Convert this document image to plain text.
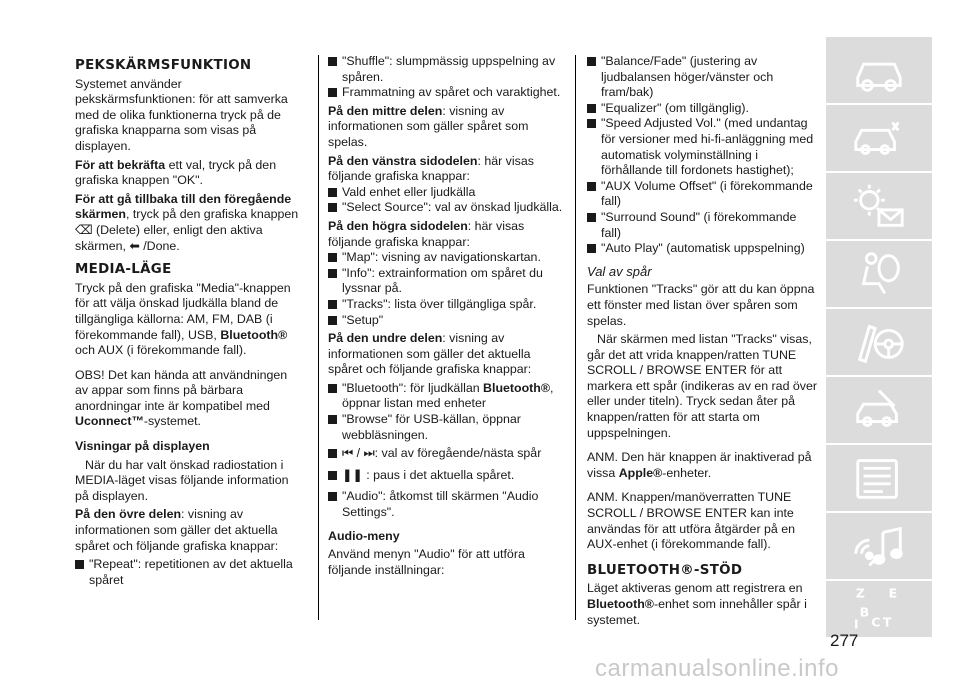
PEKSKÄRMSFUNKTION

Systemet använder pekskärmsfunktionen: för att samverka med de olika funktionerna tryck på de grafiska knapparna som visas på displayen.

För att bekräfta ett val, tryck på den grafiska knappen "OK".

För att gå tillbaka till den föregående skärmen, tryck på den grafiska knappen ⌫ (Delete) eller, enligt den aktiva skärmen, ⬅ /Done.

MEDIA-LÄGE

Tryck på den grafiska "Media"-knappen för att välja önskad ljudkälla bland de tillgängliga källorna: AM, FM, DAB (i förekommande fall), USB, Bluetooth® och AUX (i förekommande fall).

OBS! Det kan hända att användningen av appar som finns på bärbara anordningar inte är kompatibel med Uconnect™-systemet.

Visningar på displayen

När du har valt önskad radiostation i MEDIA-läget visas följande information på displayen.

På den övre delen: visning av informationen som gäller det aktuella spåret och följande grafiska knappar:

"Repeat": repetitionen av det aktuella spåret
"Shuffle": slumpmässig uppspelning av spåren.
Frammatning av spåret och varaktighet.

På den mittre delen: visning av informationen som gäller spåret som spelas.

På den vänstra sidodelen: här visas följande grafiska knappar:

Vald enhet eller ljudkälla
"Select Source": val av önskad ljudkälla.

På den högra sidodelen: här visas följande grafiska knappar:

"Map": visning av navigationskartan.
"Info": extrainformation om spåret du lyssnar på.
"Tracks": lista över tillgängliga spår.
"Setup"

På den undre delen: visning av informationen som gäller det aktuella spåret och följande grafiska knappar:

"Bluetooth": för ljudkällan Bluetooth®, öppnar listan med enheter
"Browse" för USB-källan, öppnar webbläsningen.
⏮ / ⏭: val av föregående/nästa spår
❚❚ : paus i det aktuella spåret.
"Audio": åtkomst till skärmen "Audio Settings".
Audio-meny

Använd menyn "Audio" för att utföra följande inställningar:

"Balance/Fade" (justering av ljudbalansen höger/vänster och fram/bak)
"Equalizer" (om tillgänglig).
"Speed Adjusted Vol." (med undantag för versioner med hi-fi-anläggning med automatisk volyminställning i förhållande till fordonets hastighet);
"AUX Volume Offset" (i förekommande fall)
"Surround Sound" (i förekommande fall)
"Auto Play" (automatisk uppspelning)
Val av spår

Funktionen "Tracks" gör att du kan öppna ett fönster med listan över spåren som spelas.

När skärmen med listan "Tracks" visas, går det att vrida knappen/ratten TUNE SCROLL / BROWSE ENTER för att markera ett spår (indikeras av en rad över eller under titeln). Tryck sedan åter på knappen/ratten för att starta om uppspelningen.

ANM. Den här knappen är inaktiverad på vissa Apple®-enheter.

ANM. Knappen/manöverratten TUNE SCROLL / BROWSE ENTER kan inte användas för att utföra åtgärder på en AUX-enhet (i förekommande fall).

BLUETOOTH®-STÖD

Läget aktiveras genom att registrera en Bluetooth®-enhet som innehåller spår i systemet.

Z E
B
C T
I
277
carmanualsonline.info
